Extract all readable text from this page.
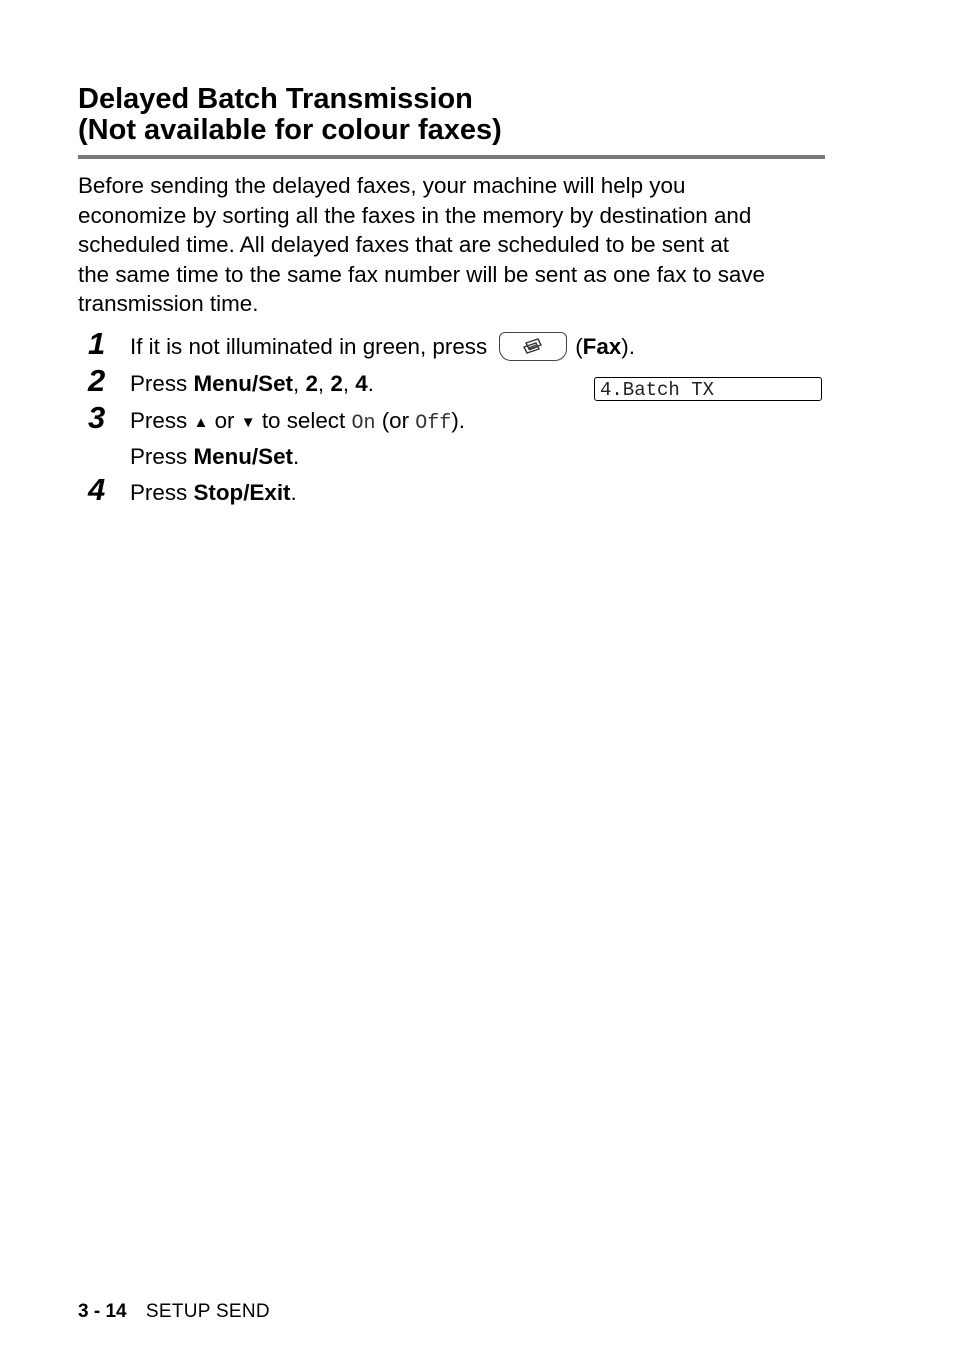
Delayed Batch Transmission
(Not available for colour faxes)
Before sending the delayed faxes, your machine will help you
economize by sorting all the faxes in the memory by destination and
scheduled time. All delayed faxes that are scheduled to be sent at
the same time to the same fax number will be sent as one fax to save
transmission time.
1	If it is not illuminated in green, press	(Fax).
2	Press Menu/Set, 2, 2, 4.	4.Batch TX
3	Press ▲ or ▼ to select On (or Off).
Press Menu/Set.
4	Press Stop/Exit.
3 - 14 SETUP SEND
